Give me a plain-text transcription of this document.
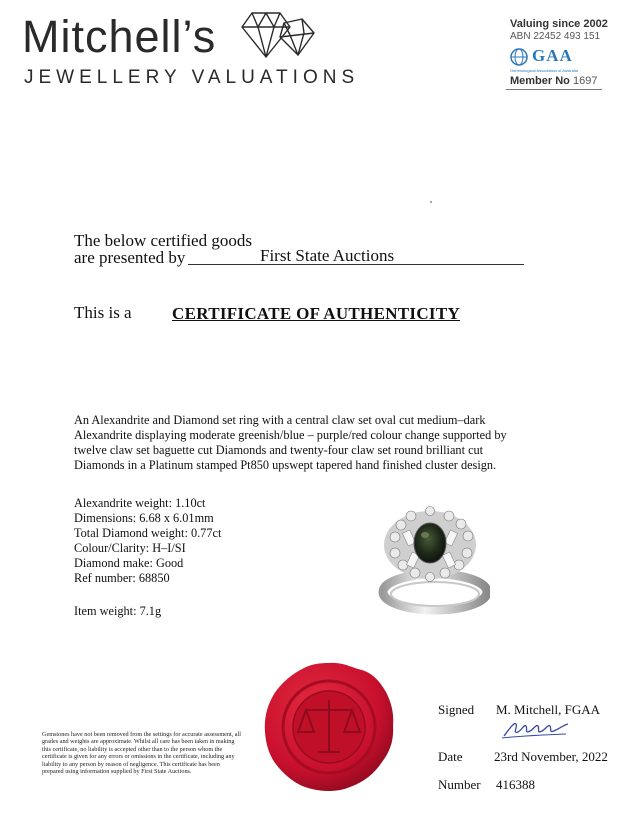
Mitchell’s
JEWELLERY VALUATIONS
Valuing since 2002
ABN 22452 493 151
GAA
Gemmological Association of Australia
Member No 1697
The below certified goods
are presented by	First State Auctions
This is a CERTIFICATE OF AUTHENTICITY
An Alexandrite and Diamond set ring with a central claw set oval cut medium–dark Alexandrite displaying moderate greenish/blue – purple/red colour change supported by twelve claw set baguette cut Diamonds and twenty-four claw set round brilliant cut Diamonds in a Platinum stamped Pt850 upswept tapered hand finished cluster design.
Alexandrite weight: 1.10ct
Dimensions: 6.68 x 6.01mm
Total Diamond weight: 0.77ct
Colour/Clarity: H–I/SI
Diamond make: Good
Ref number: 68850
Item weight: 7.1g
Gemstones have not been removed from the settings for accurate assessment, all grades and weights are approximate. Whilst all care has been taken in making this certificate, no liability is accepted other than to the person whom the certificate is given for any errors or omissions in the certificate, including any liability to any person by reason of negligence. This certificate has been prepared using information supplied by First State Auctions.
Signed M. Mitchell, FGAA
Date 23rd November, 2022
Number 416388
